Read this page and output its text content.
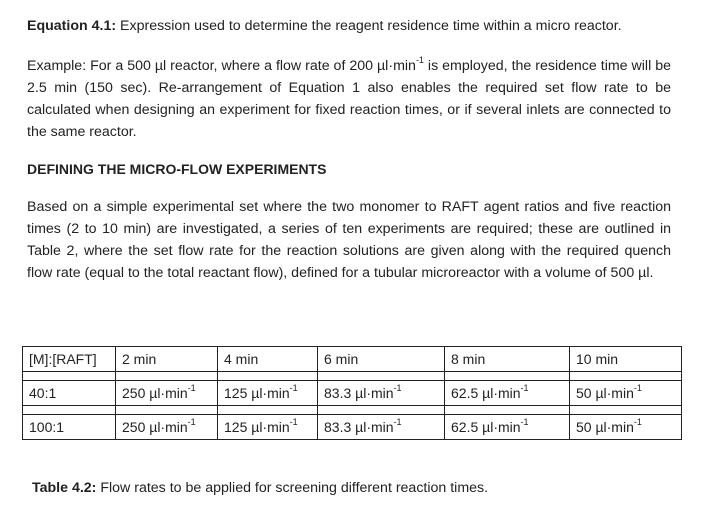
Equation 4.1: Expression used to determine the reagent residence time within a micro reactor.

Example: For a 500 µl reactor, where a flow rate of 200 $\mu l\cdot\min^{-1}$ is employed, the residence time will be 2.5 min (150 sec). Re-arrangement of Equation 1 also enables the required set flow rate to be calculated when designing an experiment for fixed reaction times, or if several inlets are connected to the same reactor.

DEFINING THE MICRO-FLOW EXPERIMENTS

Based on a simple experimental set where the two monomer to RAFT agent ratios and five reaction times (2 to 10 min) are investigated, a series of ten experiments are required; these are outlined in Table 2, where the set flow rate for the reaction solutions are given along with the required quench flow rate (equal to the total reactant flow), defined for a tubular microreactor with a volume of 500 µl.

[M]:[RAFT]	2 min	4 min	6 min	8 min	10 min

40:1	250 $\mu l\cdot\min^{-1}$	125 $\mu l\cdot\min^{-1}$	83.3 $\mu l\cdot\min^{-1}$	62.5 $\mu l\cdot\min^{-1}$	50 $\mu l\cdot\min^{-1}$

100:1	250 $\mu l\cdot\min^{-1}$	125 $\mu l\cdot\min^{-1}$	83.3 $\mu l\cdot\min^{-1}$	62.5 $\mu l\cdot\min^{-1}$	50 $\mu l\cdot\min^{-1}$

Table 4.2: Flow rates to be applied for screening different reaction times.
